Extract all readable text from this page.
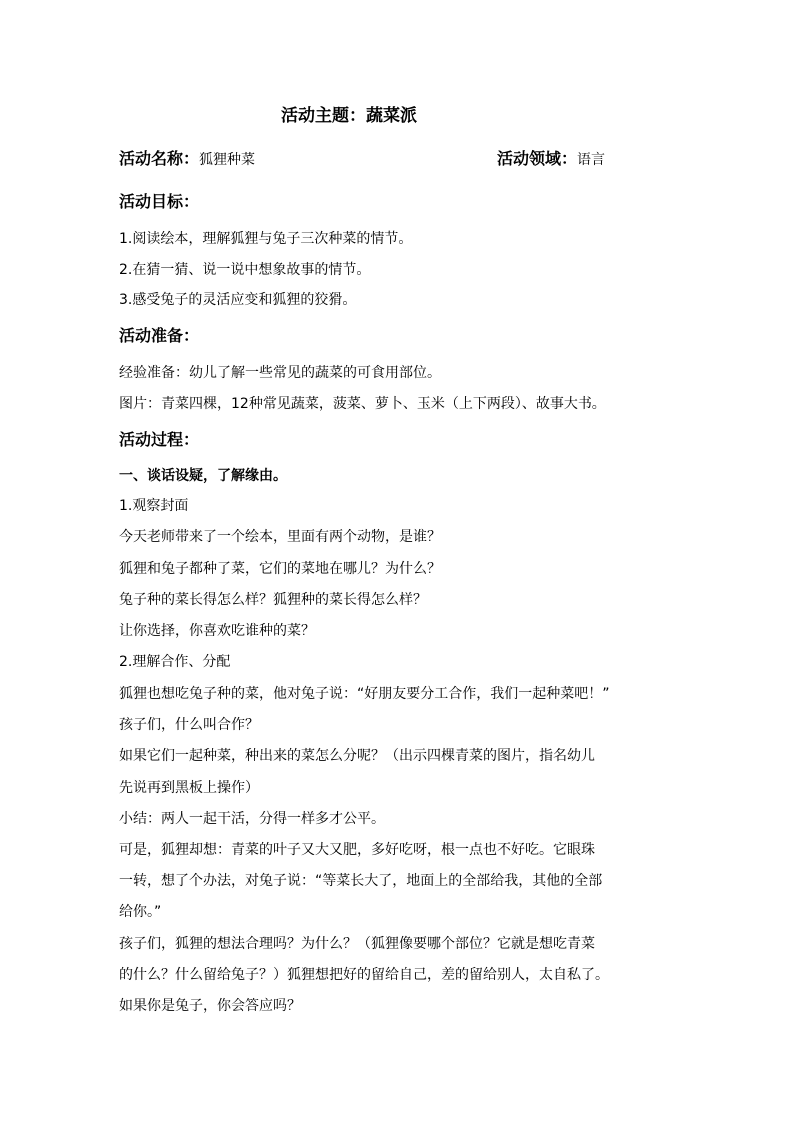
活动主题：蔬菜派
活动名称：狐狸种菜	活动领域：语言
活动目标：
1.阅读绘本，理解狐狸与兔子三次种菜的情节。
2.在猜一猜、说一说中想象故事的情节。
3.感受兔子的灵活应变和狐狸的狡猾。
活动准备：
经验准备：幼儿了解一些常见的蔬菜的可食用部位。
图片：青菜四棵，12种常见蔬菜，菠菜、萝卜、玉米（上下两段）、故事大书。
活动过程：
一、谈话设疑，了解缘由。
1.观察封面
今天老师带来了一个绘本，里面有两个动物，是谁？
狐狸和兔子都种了菜，它们的菜地在哪儿？为什么？
兔子种的菜长得怎么样？狐狸种的菜长得怎么样？
让你选择，你喜欢吃谁种的菜？
2.理解合作、分配
狐狸也想吃兔子种的菜，他对兔子说：“好朋友要分工合作，我们一起种菜吧！”
孩子们，什么叫合作？
如果它们一起种菜，种出来的菜怎么分呢？（出示四棵青菜的图片，指名幼儿
先说再到黑板上操作）
小结：两人一起干活，分得一样多才公平。
可是，狐狸却想：青菜的叶子又大又肥，多好吃呀，根一点也不好吃。它眼珠
一转，想了个办法，对兔子说：“等菜长大了，地面上的全部给我，其他的全部
给你。”
孩子们，狐狸的想法合理吗？为什么？（狐狸像要哪个部位？它就是想吃青菜
的什么？什么留给兔子？）狐狸想把好的留给自己，差的留给别人，太自私了。
如果你是兔子，你会答应吗？
